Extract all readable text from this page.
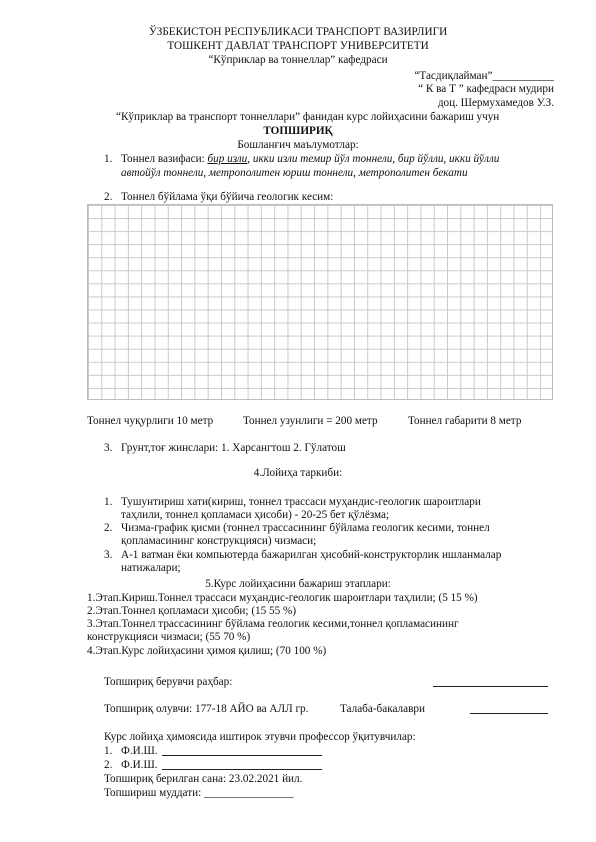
ЎЗБЕКИСТОН РЕСПУБЛИКАСИ ТРАНСПОРТ ВАЗИРЛИГИ
ТОШКЕНТ ДАВЛАТ ТРАНСПОРТ УНИВЕРСИТЕТИ
“Кўприклар ва тоннеллар” кафедраси
“Тасдиқлайман”___________
“ К ва Т ” кафедраси мудири
доц. Шермухамедов У.З.
“Кўприклар ва транспорт тоннеллари” фанидан курс лойиҳасини бажариш учун
ТОПШИРИҚ
Бошланғич маълумотлар:
1. Тоннел вазифаси: бир изли, икки изли темир йўл тоннели, бир йўлли, икки йўлли
автойўл тоннели, метрополитен юриш тоннели, метрополитен бекати
2. Тоннел бўйлама ўқи бўйича геологик кесим:
Тоннел чуқурлиги 10 метр	Тоннел узунлиги = 200 метр	Тоннел габарити 8 метр
3. Грунт,тоғ жинслари: 1. Харсангтош 2. Гўлатош
4.Лойиҳа таркиби:
1. Тушунтириш хати(кириш, тоннел трассаси муҳандис-геологик шароитлари
таҳлили, тоннел қопламаси ҳисоби) - 20-25 бет қўлёзма;
2. Чизма-график қисми (тоннел трассасининг бўйлама геологик кесими, тоннел
қопламасининг конструкцияси) чизмаси;
3. А-1 ватман ёки компьютерда бажарилган ҳисобий-конструкторлик ишланмалар
натижалари;
5.Курс лойиҳасини бажариш этаплари:
1.Этап.Кириш.Тоннел трассаси муҳандис-геологик шароитлари таҳлили; (5 15 %)
2.Этап.Тоннел қопламаси ҳисоби; (15 55 %)
3.Этап.Тоннел трассасининг бўйлама геологик кесими,тоннел қопламасининг
конструкцияси чизмаси; (55 70 %)
4.Этап.Курс лойиҳасини ҳимоя қилиш; (70 100 %)
Топшириқ берувчи раҳбар:
Топшириқ олувчи: 177-18 АЙО ва АЛЛ гр.	Талаба-бакалаври
Курс лойиҳа ҳимоясида иштирок этувчи профессор ўқитувчилар:
1. Ф.И.Ш.
2. Ф.И.Ш.
Топшириқ берилган сана: 23.02.2021 йил.
Топшириш муддати: ________________
